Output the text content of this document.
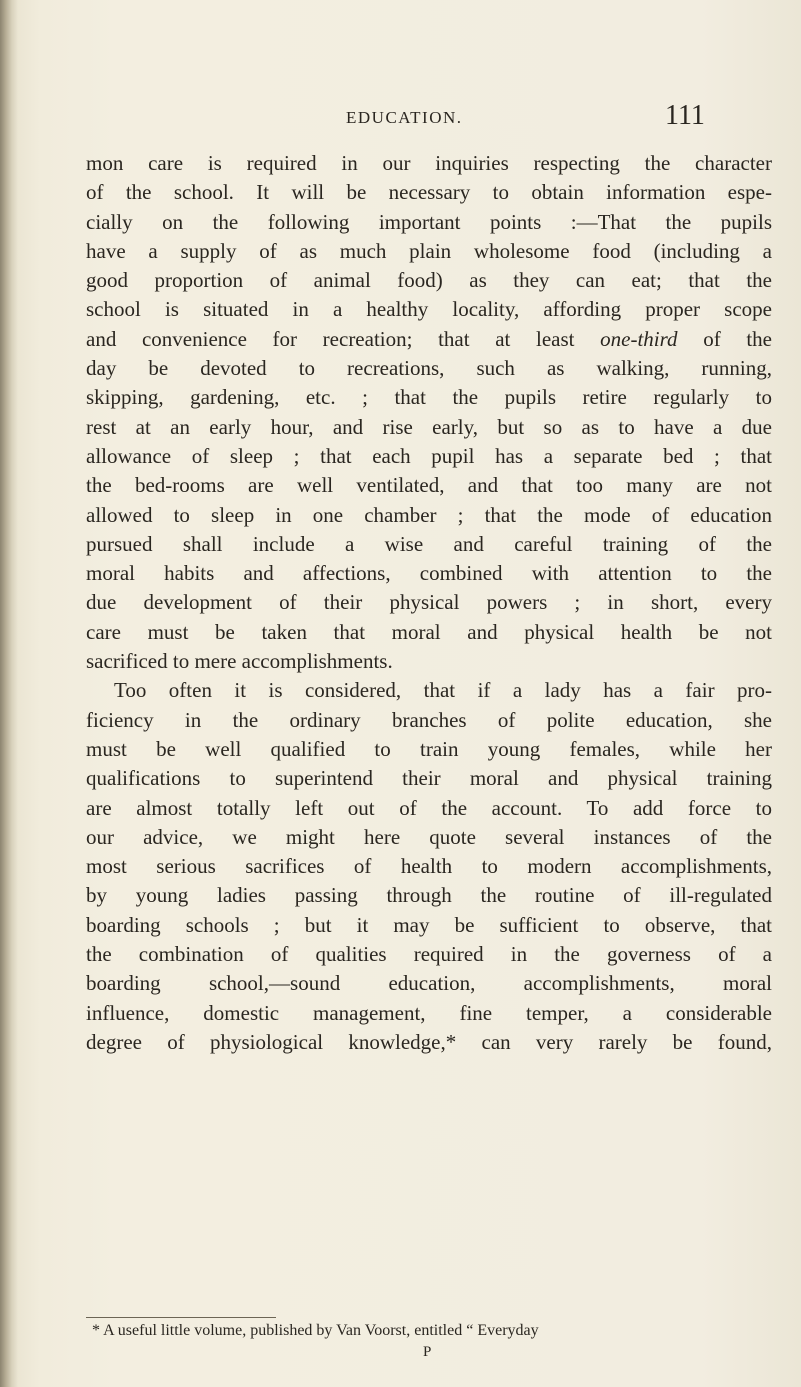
EDUCATION.	111
mon care is required in our inquiries respecting the character
of the school. It will be necessary to obtain information espe-
cially on the following important points :—That the pupils
have a supply of as much plain wholesome food (including a
good proportion of animal food) as they can eat; that the
school is situated in a healthy locality, affording proper scope
and convenience for recreation; that at least one-third of the
day be devoted to recreations, such as walking, running,
skipping, gardening, etc. ; that the pupils retire regularly to
rest at an early hour, and rise early, but so as to have a due
allowance of sleep ; that each pupil has a separate bed ; that
the bed-rooms are well ventilated, and that too many are not
allowed to sleep in one chamber ; that the mode of education
pursued shall include a wise and careful training of the
moral habits and affections, combined with attention to the
due development of their physical powers ; in short, every
care must be taken that moral and physical health be not
sacrificed to mere accomplishments.
Too often it is considered, that if a lady has a fair pro-
ficiency in the ordinary branches of polite education, she
must be well qualified to train young females, while her
qualifications to superintend their moral and physical training
are almost totally left out of the account. To add force to
our advice, we might here quote several instances of the
most serious sacrifices of health to modern accomplishments,
by young ladies passing through the routine of ill-regulated
boarding schools ; but it may be sufficient to observe, that
the combination of qualities required in the governess of a
boarding school,—sound education, accomplishments, moral
influence, domestic management, fine temper, a considerable
degree of physiological knowledge,* can very rarely be found,
* A useful little volume, published by Van Voorst, entitled “ Everyday
P
